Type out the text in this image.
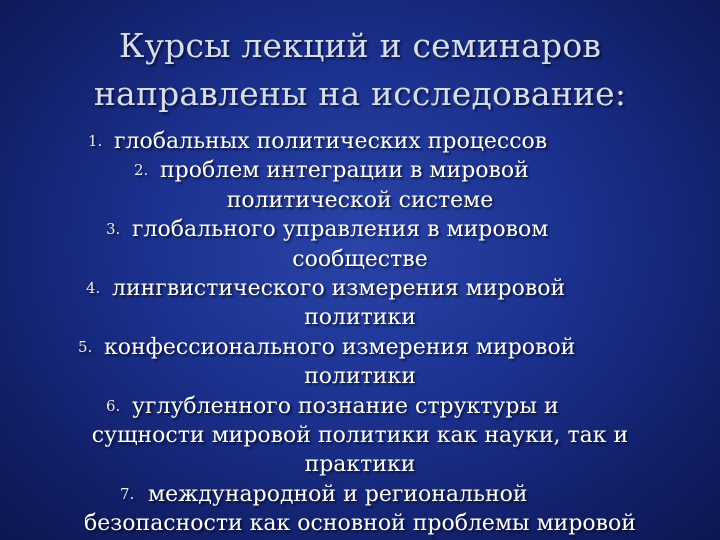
Курсы лекций и семинаров
направлены на исследование:
1. глобальных политических процессов
2. проблем интеграции в мировой
политической системе
3. глобального управления в мировом
сообществе
4. лингвистического измерения мировой
политики
5. конфессионального измерения мировой
политики
6. углубленного познание структуры и
сущности мировой политики как науки, так и
практики
7. международной и региональной
безопасности как основной проблемы мировой
